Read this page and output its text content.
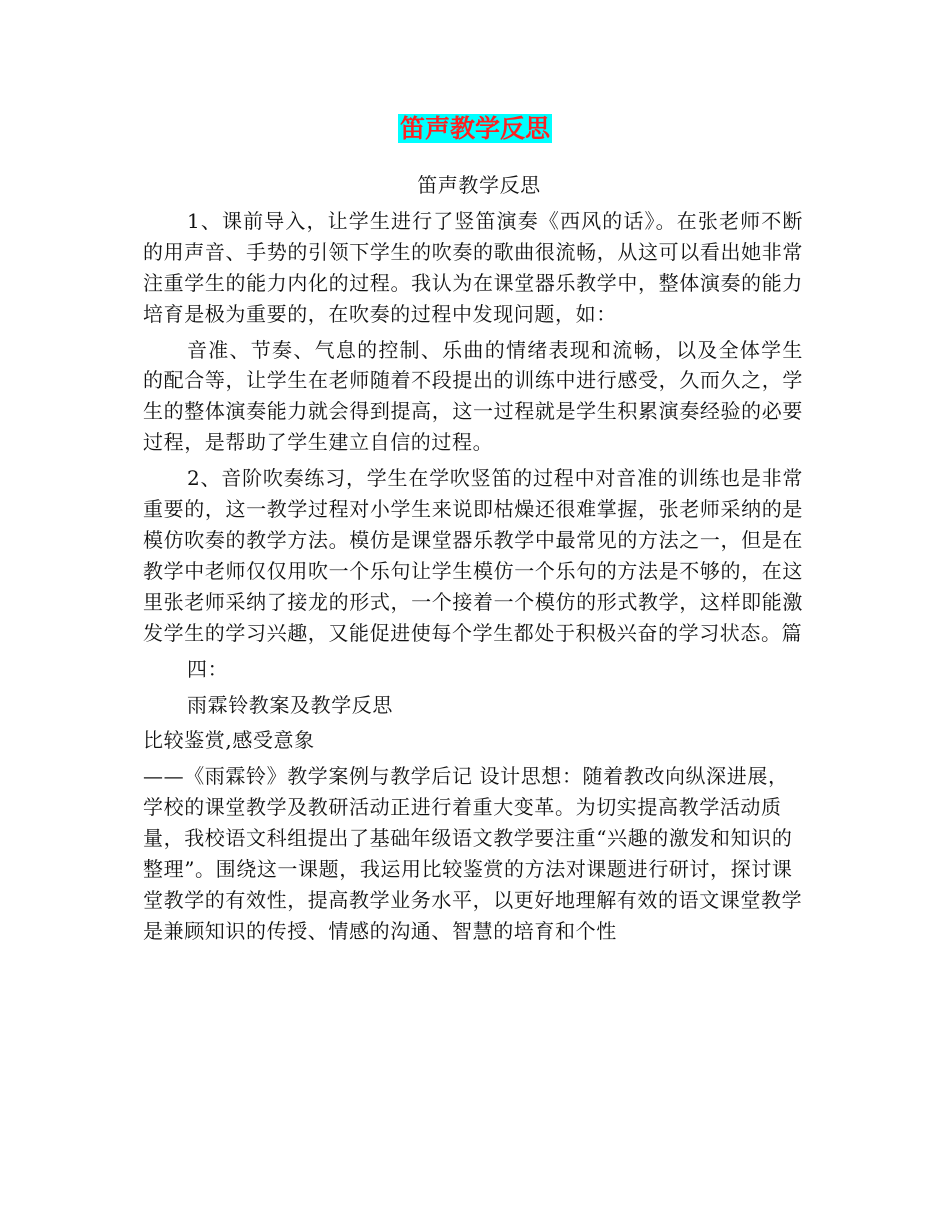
笛声教学反思

笛声教学反思

1、课前导入，让学生进行了竖笛演奏《西风的话》。在张老师不断的用声音、手势的引领下学生的吹奏的歌曲很流畅，从这可以看出她非常注重学生的能力内化的过程。我认为在课堂器乐教学中，整体演奏的能力培育是极为重要的，在吹奏的过程中发现问题，如：

音准、节奏、气息的控制、乐曲的情绪表现和流畅，以及全体学生的配合等，让学生在老师随着不段提出的训练中进行感受，久而久之，学生的整体演奏能力就会得到提高，这一过程就是学生积累演奏经验的必要过程，是帮助了学生建立自信的过程。

2、音阶吹奏练习，学生在学吹竖笛的过程中对音准的训练也是非常重要的，这一教学过程对小学生来说即枯燥还很难掌握，张老师采纳的是模仿吹奏的教学方法。模仿是课堂器乐教学中最常见的方法之一，但是在教学中老师仅仅用吹一个乐句让学生模仿一个乐句的方法是不够的，在这里张老师采纳了接龙的形式，一个接着一个模仿的形式教学，这样即能激发学生的学习兴趣，又能促进使每个学生都处于积极兴奋的学习状态。篇

四：

雨霖铃教案及教学反思

比较鉴赏,感受意象

——《雨霖铃》教学案例与教学后记 设计思想：随着教改向纵深进展，学校的课堂教学及教研活动正进行着重大变革。为切实提高教学活动质量，我校语文科组提出了基础年级语文教学要注重“兴趣的激发和知识的整理”。围绕这一课题，我运用比较鉴赏的方法对课题进行研讨，探讨课堂教学的有效性，提高教学业务水平，以更好地理解有效的语文课堂教学是兼顾知识的传授、情感的沟通、智慧的培育和个性
